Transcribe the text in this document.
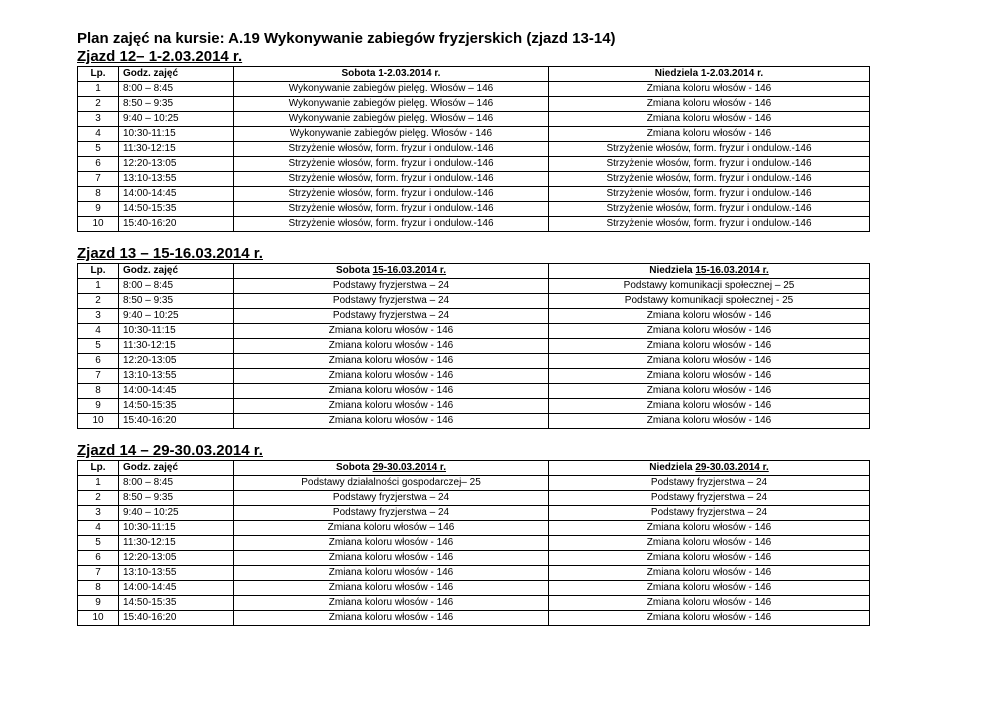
Plan zajęć na kursie: A.19 Wykonywanie zabiegów fryzjerskich (zjazd 13-14)
Zjazd 12– 1-2.03.2014 r.
Lp.	Godz. zajęć	Sobota 1-2.03.2014 r.	Niedziela 1-2.03.2014 r.
1	8:00 – 8:45	Wykonywanie zabiegów pielęg. Włosów – 146	Zmiana koloru włosów - 146
2	8:50 – 9:35	Wykonywanie zabiegów pielęg. Włosów – 146	Zmiana koloru włosów - 146
3	9:40 – 10:25	Wykonywanie zabiegów pielęg. Włosów – 146	Zmiana koloru włosów - 146
4	10:30-11:15	Wykonywanie zabiegów pielęg. Włosów - 146	Zmiana koloru włosów - 146
5	11:30-12:15	Strzyżenie włosów, form. fryzur i ondulow.-146	Strzyżenie włosów, form. fryzur i ondulow.-146
6	12:20-13:05	Strzyżenie włosów, form. fryzur i ondulow.-146	Strzyżenie włosów, form. fryzur i ondulow.-146
7	13:10-13:55	Strzyżenie włosów, form. fryzur i ondulow.-146	Strzyżenie włosów, form. fryzur i ondulow.-146
8	14:00-14:45	Strzyżenie włosów, form. fryzur i ondulow.-146	Strzyżenie włosów, form. fryzur i ondulow.-146
9	14:50-15:35	Strzyżenie włosów, form. fryzur i ondulow.-146	Strzyżenie włosów, form. fryzur i ondulow.-146
10	15:40-16:20	Strzyżenie włosów, form. fryzur i ondulow.-146	Strzyżenie włosów, form. fryzur i ondulow.-146
Zjazd 13 – 15-16.03.2014 r.
Lp.	Godz. zajęć	Sobota 15-16.03.2014 r.	Niedziela 15-16.03.2014 r.
1	8:00 – 8:45	Podstawy fryzjerstwa – 24	Podstawy komunikacji społecznej – 25
2	8:50 – 9:35	Podstawy fryzjerstwa – 24	Podstawy komunikacji społecznej - 25
3	9:40 – 10:25	Podstawy fryzjerstwa – 24	Zmiana koloru włosów - 146
4	10:30-11:15	Zmiana koloru włosów - 146	Zmiana koloru włosów - 146
5	11:30-12:15	Zmiana koloru włosów - 146	Zmiana koloru włosów - 146
6	12:20-13:05	Zmiana koloru włosów - 146	Zmiana koloru włosów - 146
7	13:10-13:55	Zmiana koloru włosów - 146	Zmiana koloru włosów - 146
8	14:00-14:45	Zmiana koloru włosów - 146	Zmiana koloru włosów - 146
9	14:50-15:35	Zmiana koloru włosów - 146	Zmiana koloru włosów - 146
10	15:40-16:20	Zmiana koloru włosów - 146	Zmiana koloru włosów - 146
Zjazd 14 – 29-30.03.2014 r.
Lp.	Godz. zajęć	Sobota 29-30.03.2014 r.	Niedziela 29-30.03.2014 r.
1	8:00 – 8:45	Podstawy działalności gospodarczej– 25	Podstawy fryzjerstwa – 24
2	8:50 – 9:35	Podstawy fryzjerstwa – 24	Podstawy fryzjerstwa – 24
3	9:40 – 10:25	Podstawy fryzjerstwa – 24	Podstawy fryzjerstwa – 24
4	10:30-11:15	Zmiana koloru włosów – 146	Zmiana koloru włosów - 146
5	11:30-12:15	Zmiana koloru włosów - 146	Zmiana koloru włosów - 146
6	12:20-13:05	Zmiana koloru włosów - 146	Zmiana koloru włosów - 146
7	13:10-13:55	Zmiana koloru włosów - 146	Zmiana koloru włosów - 146
8	14:00-14:45	Zmiana koloru włosów - 146	Zmiana koloru włosów - 146
9	14:50-15:35	Zmiana koloru włosów - 146	Zmiana koloru włosów - 146
10	15:40-16:20	Zmiana koloru włosów - 146	Zmiana koloru włosów - 146
